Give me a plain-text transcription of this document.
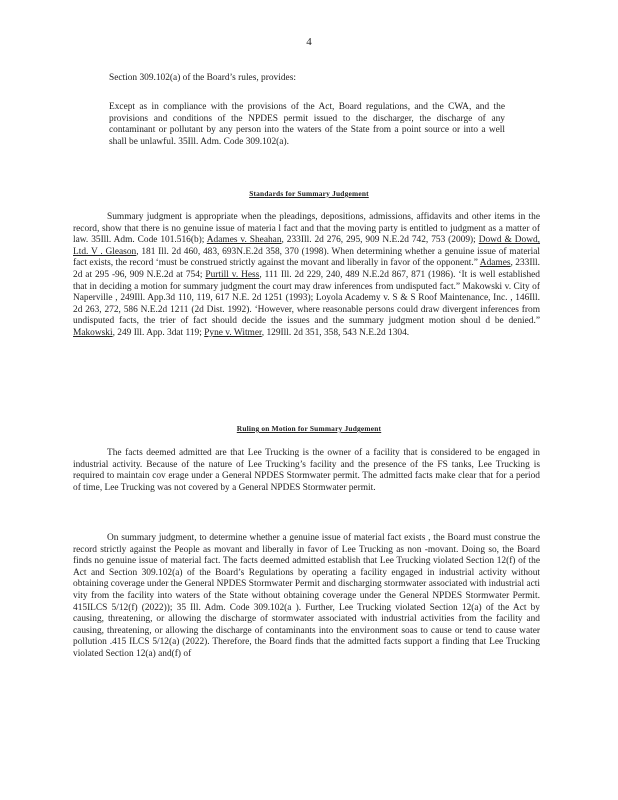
4
Section 309.102(a) of the Board’s rules, provides:
Except as in compliance with the provisions of the Act, Board regulations, and the CWA, and the provisions and conditions of the NPDES permit issued to the discharger, the discharge of any contaminant or pollutant by any person into the waters of the State from a point source or into a well shall be unlawful. 35Ill. Adm. Code 309.102(a).
Standards for Summary Judgement
Summary judgment is appropriate when the pleadings, depositions, admissions, affidavits and other items in the record, show that there is no genuine issue of materia l fact and that the moving party is entitled to judgment as a matter of law. 35Ill. Adm. Code 101.516(b); Adames v. Sheahan, 233Ill. 2d 276, 295, 909 N.E.2d 742, 753 (2009); Dowd & Dowd, Ltd. V . Gleason, 181 Ill. 2d 460, 483, 693N.E.2d 358, 370 (1998). When determining whether a genuine issue of material fact exists, the record ‘must be construed strictly against the movant and liberally in favor of the opponent.” Adames, 233Ill. 2d at 295 -96, 909 N.E.2d at 754; Purtill v. Hess, 111 Ill. 2d 229, 240, 489 N.E.2d 867, 871 (1986). ‘It is well established that in deciding a motion for summary judgment the court may draw inferences from undisputed fact.” Makowski v. City of Naperville , 249Ill. App.3d 110, 119, 617 N.E. 2d 1251 (1993); Loyola Academy v. S & S Roof Maintenance, Inc. , 146Ill. 2d 263, 272, 586 N.E.2d 1211 (2d Dist. 1992). ‘However, where reasonable persons could draw divergent inferences from undisputed facts, the trier of fact should decide the issues and the summary judgment motion shoul d be denied.” Makowski, 249 Ill. App. 3dat 119; Pyne v. Witmer, 129Ill. 2d 351, 358, 543 N.E.2d 1304.
Ruling on Motion for Summary Judgement
The facts deemed admitted are that Lee Trucking is the owner of a facility that is considered to be engaged in industrial activity. Because of the nature of Lee Trucking’s facility and the presence of the FS tanks, Lee Trucking is required to maintain cov erage under a General NPDES Stormwater permit. The admitted facts make clear that for a period of time, Lee Trucking was not covered by a General NPDES Stormwater permit.
On summary judgment, to determine whether a genuine issue of material fact exists , the Board must construe the record strictly against the People as movant and liberally in favor of Lee Trucking as non -movant. Doing so, the Board finds no genuine issue of material fact. The facts deemed admitted establish that Lee Trucking violated Section 12(f) of the Act and Section 309.102(a) of the Board’s Regulations by operating a facility engaged in industrial activity without obtaining coverage under the General NPDES Stormwater Permit and discharging stormwater associated with industrial acti vity from the facility into waters of the State without obtaining coverage under the General NPDES Stormwater Permit. 415ILCS 5/12(f) (2022)); 35 Ill. Adm. Code 309.102(a ). Further, Lee Trucking violated Section 12(a) of the Act by causing, threatening, or allowing the discharge of stormwater associated with industrial activities from the facility and causing, threatening, or allowing the discharge of contaminants into the environment soas to cause or tend to cause water pollution .415 ILCS 5/12(a) (2022). Therefore, the Board finds that the admitted facts support a finding that Lee Trucking violated Section 12(a) and(f) of
